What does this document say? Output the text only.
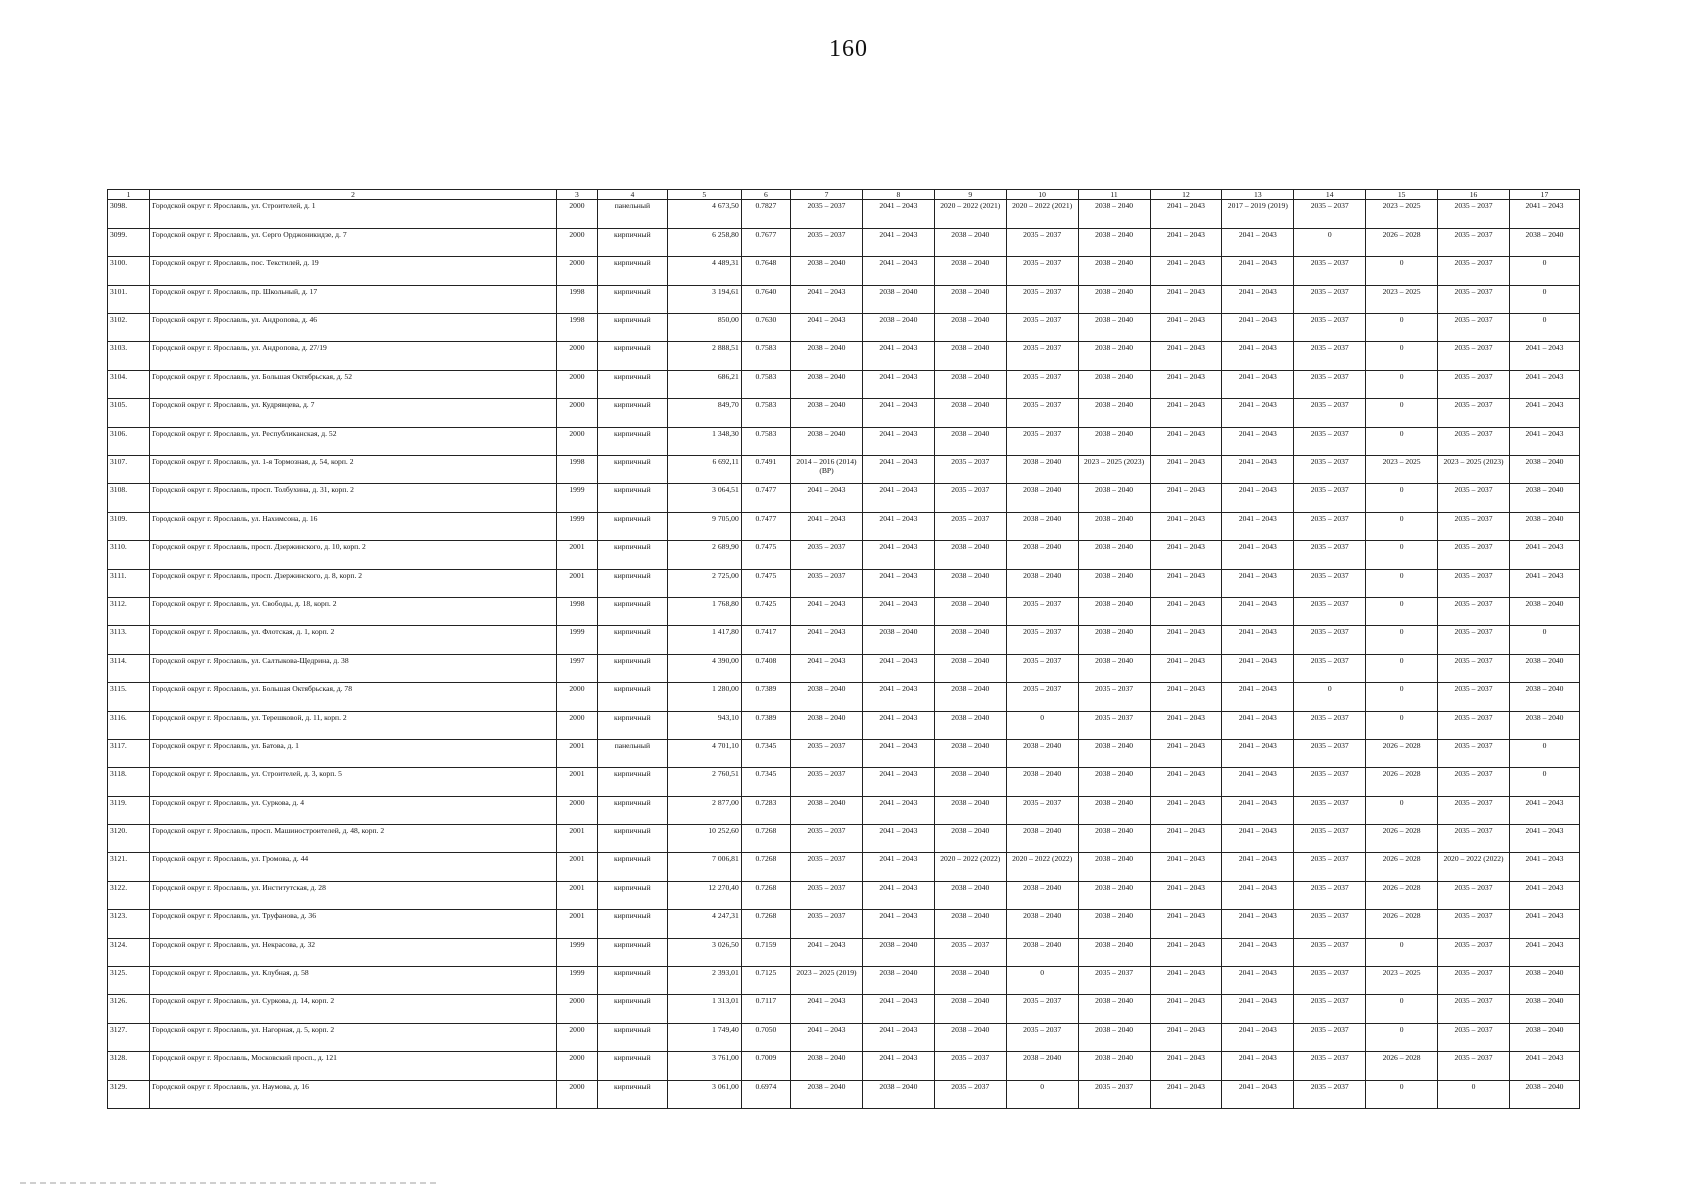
160
1	2	3	4	5	6	7	8	9	10	11	12	13	14	15	16	17
3098.	Городской округ г. Ярославль, ул. Строителей, д. 1	2000	панельный	4 673,50	0.7827	2035 – 2037	2041 – 2043	2020 – 2022 (2021)	2020 – 2022 (2021)	2038 – 2040	2041 – 2043	2017 – 2019 (2019)	2035 – 2037	2023 – 2025	2035 – 2037	2041 – 2043
3099.	Городской округ г. Ярославль, ул. Серго Орджоникидзе, д. 7	2000	кирпичный	6 258,80	0.7677	2035 – 2037	2041 – 2043	2038 – 2040	2035 – 2037	2038 – 2040	2041 – 2043	2041 – 2043	0	2026 – 2028	2035 – 2037	2038 – 2040
3100.	Городской округ г. Ярославль, пос. Текстилей, д. 19	2000	кирпичный	4 489,31	0.7648	2038 – 2040	2041 – 2043	2038 – 2040	2035 – 2037	2038 – 2040	2041 – 2043	2041 – 2043	2035 – 2037	0	2035 – 2037	0
3101.	Городской округ г. Ярославль, пр. Школьный, д. 17	1998	кирпичный	3 194,61	0.7640	2041 – 2043	2038 – 2040	2038 – 2040	2035 – 2037	2038 – 2040	2041 – 2043	2041 – 2043	2035 – 2037	2023 – 2025	2035 – 2037	0
3102.	Городской округ г. Ярославль, ул. Андропова, д. 46	1998	кирпичный	850,00	0.7630	2041 – 2043	2038 – 2040	2038 – 2040	2035 – 2037	2038 – 2040	2041 – 2043	2041 – 2043	2035 – 2037	0	2035 – 2037	0
3103.	Городской округ г. Ярославль, ул. Андропова, д. 27/19	2000	кирпичный	2 888,51	0.7583	2038 – 2040	2041 – 2043	2038 – 2040	2035 – 2037	2038 – 2040	2041 – 2043	2041 – 2043	2035 – 2037	0	2035 – 2037	2041 – 2043
3104.	Городской округ г. Ярославль, ул. Большая Октябрьская, д. 52	2000	кирпичный	686,21	0.7583	2038 – 2040	2041 – 2043	2038 – 2040	2035 – 2037	2038 – 2040	2041 – 2043	2041 – 2043	2035 – 2037	0	2035 – 2037	2041 – 2043
3105.	Городской округ г. Ярославль, ул. Кудрявцева, д. 7	2000	кирпичный	849,70	0.7583	2038 – 2040	2041 – 2043	2038 – 2040	2035 – 2037	2038 – 2040	2041 – 2043	2041 – 2043	2035 – 2037	0	2035 – 2037	2041 – 2043
3106.	Городской округ г. Ярославль, ул. Республиканская, д. 52	2000	кирпичный	1 348,30	0.7583	2038 – 2040	2041 – 2043	2038 – 2040	2035 – 2037	2038 – 2040	2041 – 2043	2041 – 2043	2035 – 2037	0	2035 – 2037	2041 – 2043
3107.	Городской округ г. Ярославль, ул. 1-я Тормозная, д. 54, корп. 2	1998	кирпичный	6 692,11	0.7491	2014 – 2016 (2014) (ВР)	2041 – 2043	2035 – 2037	2038 – 2040	2023 – 2025 (2023)	2041 – 2043	2041 – 2043	2035 – 2037	2023 – 2025	2023 – 2025 (2023)	2038 – 2040
3108.	Городской округ г. Ярославль, просп. Толбухина, д. 31, корп. 2	1999	кирпичный	3 064,51	0.7477	2041 – 2043	2041 – 2043	2035 – 2037	2038 – 2040	2038 – 2040	2041 – 2043	2041 – 2043	2035 – 2037	0	2035 – 2037	2038 – 2040
3109.	Городской округ г. Ярославль, ул. Нахимсона, д. 16	1999	кирпичный	9 705,00	0.7477	2041 – 2043	2041 – 2043	2035 – 2037	2038 – 2040	2038 – 2040	2041 – 2043	2041 – 2043	2035 – 2037	0	2035 – 2037	2038 – 2040
3110.	Городской округ г. Ярославль, просп. Дзержинского, д. 10, корп. 2	2001	кирпичный	2 689,90	0.7475	2035 – 2037	2041 – 2043	2038 – 2040	2038 – 2040	2038 – 2040	2041 – 2043	2041 – 2043	2035 – 2037	0	2035 – 2037	2041 – 2043
3111.	Городской округ г. Ярославль, просп. Дзержинского, д. 8, корп. 2	2001	кирпичный	2 725,00	0.7475	2035 – 2037	2041 – 2043	2038 – 2040	2038 – 2040	2038 – 2040	2041 – 2043	2041 – 2043	2035 – 2037	0	2035 – 2037	2041 – 2043
3112.	Городской округ г. Ярославль, ул. Свободы, д. 18, корп. 2	1998	кирпичный	1 768,80	0.7425	2041 – 2043	2041 – 2043	2038 – 2040	2035 – 2037	2038 – 2040	2041 – 2043	2041 – 2043	2035 – 2037	0	2035 – 2037	2038 – 2040
3113.	Городской округ г. Ярославль, ул. Флотская, д. 1, корп. 2	1999	кирпичный	1 417,80	0.7417	2041 – 2043	2038 – 2040	2038 – 2040	2035 – 2037	2038 – 2040	2041 – 2043	2041 – 2043	2035 – 2037	0	2035 – 2037	0
3114.	Городской округ г. Ярославль, ул. Салтыкова-Щедрина, д. 38	1997	кирпичный	4 390,00	0.7408	2041 – 2043	2041 – 2043	2038 – 2040	2035 – 2037	2038 – 2040	2041 – 2043	2041 – 2043	2035 – 2037	0	2035 – 2037	2038 – 2040
3115.	Городской округ г. Ярославль, ул. Большая Октябрьская, д. 78	2000	кирпичный	1 280,00	0.7389	2038 – 2040	2041 – 2043	2038 – 2040	2035 – 2037	2035 – 2037	2041 – 2043	2041 – 2043	0	0	2035 – 2037	2038 – 2040
3116.	Городской округ г. Ярославль, ул. Терешковой, д. 11, корп. 2	2000	кирпичный	943,10	0.7389	2038 – 2040	2041 – 2043	2038 – 2040	0	2035 – 2037	2041 – 2043	2041 – 2043	2035 – 2037	0	2035 – 2037	2038 – 2040
3117.	Городской округ г. Ярославль, ул. Батова, д. 1	2001	панельный	4 701,10	0.7345	2035 – 2037	2041 – 2043	2038 – 2040	2038 – 2040	2038 – 2040	2041 – 2043	2041 – 2043	2035 – 2037	2026 – 2028	2035 – 2037	0
3118.	Городской округ г. Ярославль, ул. Строителей, д. 3, корп. 5	2001	кирпичный	2 760,51	0.7345	2035 – 2037	2041 – 2043	2038 – 2040	2038 – 2040	2038 – 2040	2041 – 2043	2041 – 2043	2035 – 2037	2026 – 2028	2035 – 2037	0
3119.	Городской округ г. Ярославль, ул. Суркова, д. 4	2000	кирпичный	2 877,00	0.7283	2038 – 2040	2041 – 2043	2038 – 2040	2035 – 2037	2038 – 2040	2041 – 2043	2041 – 2043	2035 – 2037	0	2035 – 2037	2041 – 2043
3120.	Городской округ г. Ярославль, просп. Машиностроителей, д. 48, корп. 2	2001	кирпичный	10 252,60	0.7268	2035 – 2037	2041 – 2043	2038 – 2040	2038 – 2040	2038 – 2040	2041 – 2043	2041 – 2043	2035 – 2037	2026 – 2028	2035 – 2037	2041 – 2043
3121.	Городской округ г. Ярославль, ул. Громова, д. 44	2001	кирпичный	7 006,81	0.7268	2035 – 2037	2041 – 2043	2020 – 2022 (2022)	2020 – 2022 (2022)	2038 – 2040	2041 – 2043	2041 – 2043	2035 – 2037	2026 – 2028	2020 – 2022 (2022)	2041 – 2043
3122.	Городской округ г. Ярославль, ул. Институтская, д. 28	2001	кирпичный	12 270,40	0.7268	2035 – 2037	2041 – 2043	2038 – 2040	2038 – 2040	2038 – 2040	2041 – 2043	2041 – 2043	2035 – 2037	2026 – 2028	2035 – 2037	2041 – 2043
3123.	Городской округ г. Ярославль, ул. Труфанова, д. 36	2001	кирпичный	4 247,31	0.7268	2035 – 2037	2041 – 2043	2038 – 2040	2038 – 2040	2038 – 2040	2041 – 2043	2041 – 2043	2035 – 2037	2026 – 2028	2035 – 2037	2041 – 2043
3124.	Городской округ г. Ярославль, ул. Некрасова, д. 32	1999	кирпичный	3 026,50	0.7159	2041 – 2043	2038 – 2040	2035 – 2037	2038 – 2040	2038 – 2040	2041 – 2043	2041 – 2043	2035 – 2037	0	2035 – 2037	2041 – 2043
3125.	Городской округ г. Ярославль, ул. Клубная, д. 58	1999	кирпичный	2 393,01	0.7125	2023 – 2025 (2019)	2038 – 2040	2038 – 2040	0	2035 – 2037	2041 – 2043	2041 – 2043	2035 – 2037	2023 – 2025	2035 – 2037	2038 – 2040
3126.	Городской округ г. Ярославль, ул. Суркова, д. 14, корп. 2	2000	кирпичный	1 313,01	0.7117	2041 – 2043	2041 – 2043	2038 – 2040	2035 – 2037	2038 – 2040	2041 – 2043	2041 – 2043	2035 – 2037	0	2035 – 2037	2038 – 2040
3127.	Городской округ г. Ярославль, ул. Нагорная, д. 5, корп. 2	2000	кирпичный	1 749,40	0.7050	2041 – 2043	2041 – 2043	2038 – 2040	2035 – 2037	2038 – 2040	2041 – 2043	2041 – 2043	2035 – 2037	0	2035 – 2037	2038 – 2040
3128.	Городской округ г. Ярославль, Московский просп., д. 121	2000	кирпичный	3 761,00	0.7009	2038 – 2040	2041 – 2043	2035 – 2037	2038 – 2040	2038 – 2040	2041 – 2043	2041 – 2043	2035 – 2037	2026 – 2028	2035 – 2037	2041 – 2043
3129.	Городской округ г. Ярославль, ул. Наумова, д. 16	2000	кирпичный	3 061,00	0.6974	2038 – 2040	2038 – 2040	2035 – 2037	0	2035 – 2037	2041 – 2043	2041 – 2043	2035 – 2037	0	0	2038 – 2040
